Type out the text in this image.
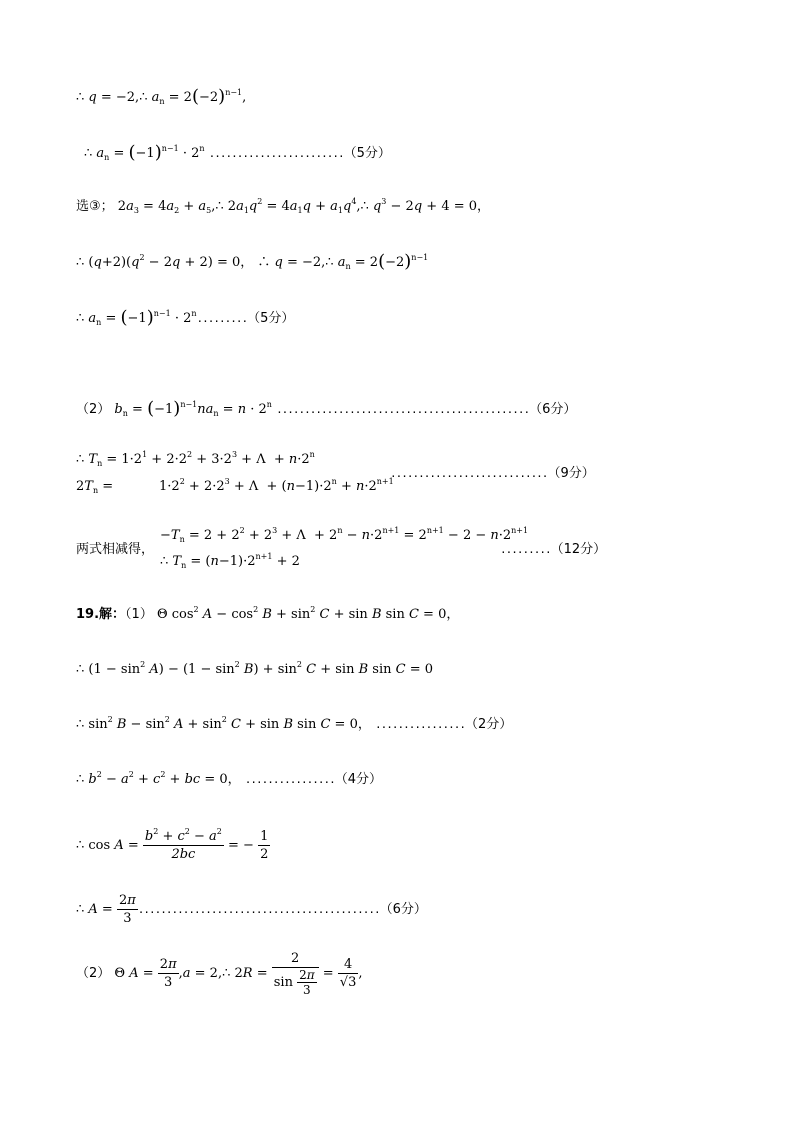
∴ q = −2,∴ $a_n = 2(-2)^{n-1}$,
∴ $a_n = (-1)^{n-1} \cdot 2^n$ ........................（5分）
选③； $2a_3 = 4a_2$ + $a_5,\therefore$ $2a_1q^2 = 4a_1q$ + $a_1q^4,\therefore$ $q^3 - 2q + 4 = 0$，
∴ $(q+2)(q^2 - 2q + 2) = 0$， ∴ q = −2,∴ $a_n = 2(-2)^{n-1}$
∴ $a_n = (-1)^{n-1} \cdot 2^n.........(5$分）
（2） $b_n = (-1)^{n-1}na_n = n \cdot 2^n$ .............................................（6分）
∴ $T_n = 1\cdot 2^1 + 2\cdot 2^2 + 3\cdot 2^3 + \Lambda + n\cdot 2^n$
$2T_n$ =	$1\cdot 2^2 + 2\cdot 2^3 + \Lambda + (n-1)\cdot 2^n + n\cdot 2^{n+1}$
............................（9分）
两式相减得，
$-T_n = 2 + 2^2 + 2^3 + \Lambda + 2^n - n\cdot 2^{n+1} = 2^{n+1} - 2 - n\cdot 2^{n+1}$
∴ $T_n = (n-1)\cdot 2^{n+1} + 2$
.........（12分）
19.解：（1） Θ $\cos^2 A - \cos^2 B + \sin^2 C + \sin B$ sin C = 0，
∴ $(1 - \sin^2 A) - (1 - \sin^2 B) + \sin^2 C + \sin B$ sin C = 0
∴ $\sin^2 B - \sin^2 A + \sin^2 C + \sin B$ sin C = 0， ................（2分）
∴ $b^2 - a^2 + c^2$ + bc = 0， ................（4分）
∴ $\cos A = \frac{b^2 + c^2 - a^2}{2bc}$ = − $\frac{1}{2}$
∴ $A = \frac{2\pi}{3} ...........................................(6$分）
（2） Θ $A = \frac{2\pi}{3} ,a$ = 2,∴ $2R = \frac{2}{\sin \frac{2\pi}{3}} = \frac{4}{√3}$ ,
